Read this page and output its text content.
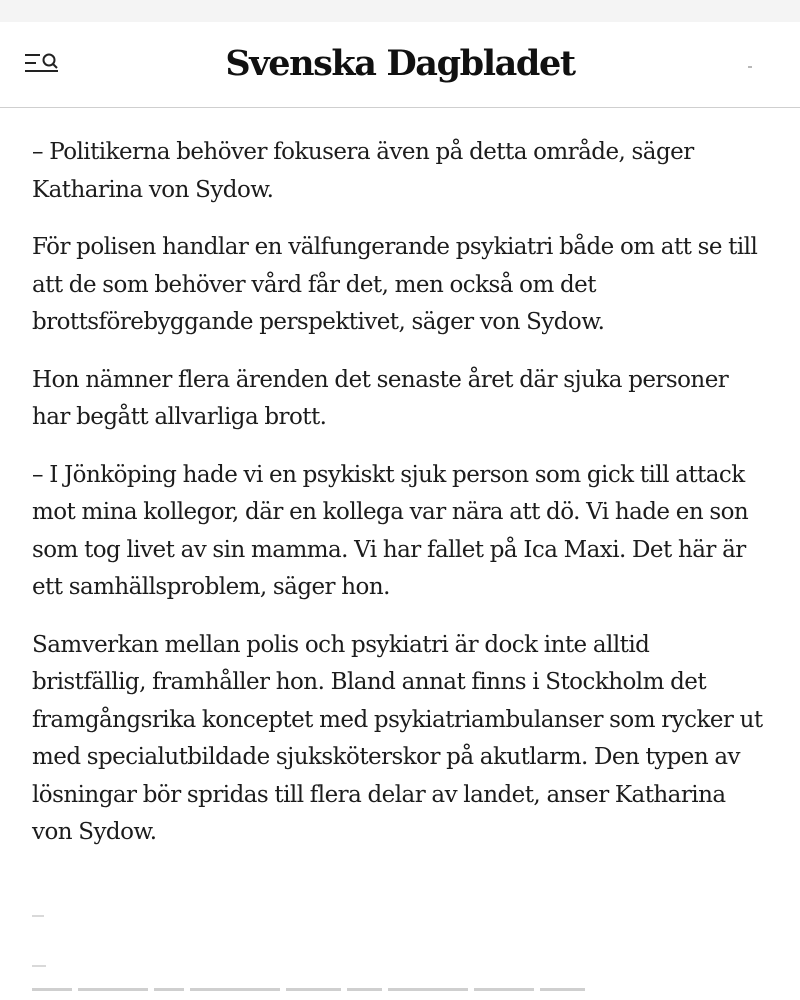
Svenska Dagbladet

– Politikerna behöver fokusera även på detta område, säger Katharina von Sydow.

För polisen handlar en välfungerande psykiatri både om att se till att de som behöver vård får det, men också om det brottsförebyggande perspektivet, säger von Sydow.

Hon nämner flera ärenden det senaste året där sjuka personer har begått allvarliga brott.

– I Jönköping hade vi en psykiskt sjuk person som gick till attack mot mina kollegor, där en kollega var nära att dö. Vi hade en son som tog livet av sin mamma. Vi har fallet på Ica Maxi. Det här är ett samhällsproblem, säger hon.

Samverkan mellan polis och psykiatri är dock inte alltid bristfällig, framhåller hon. Bland annat finns i Stockholm det framgångsrika konceptet med psykiatriambulanser som rycker ut med specialutbildade sjuksköterskor på akutlarm. Den typen av lösningar bör spridas till flera delar av landet, anser Katharina von Sydow.
